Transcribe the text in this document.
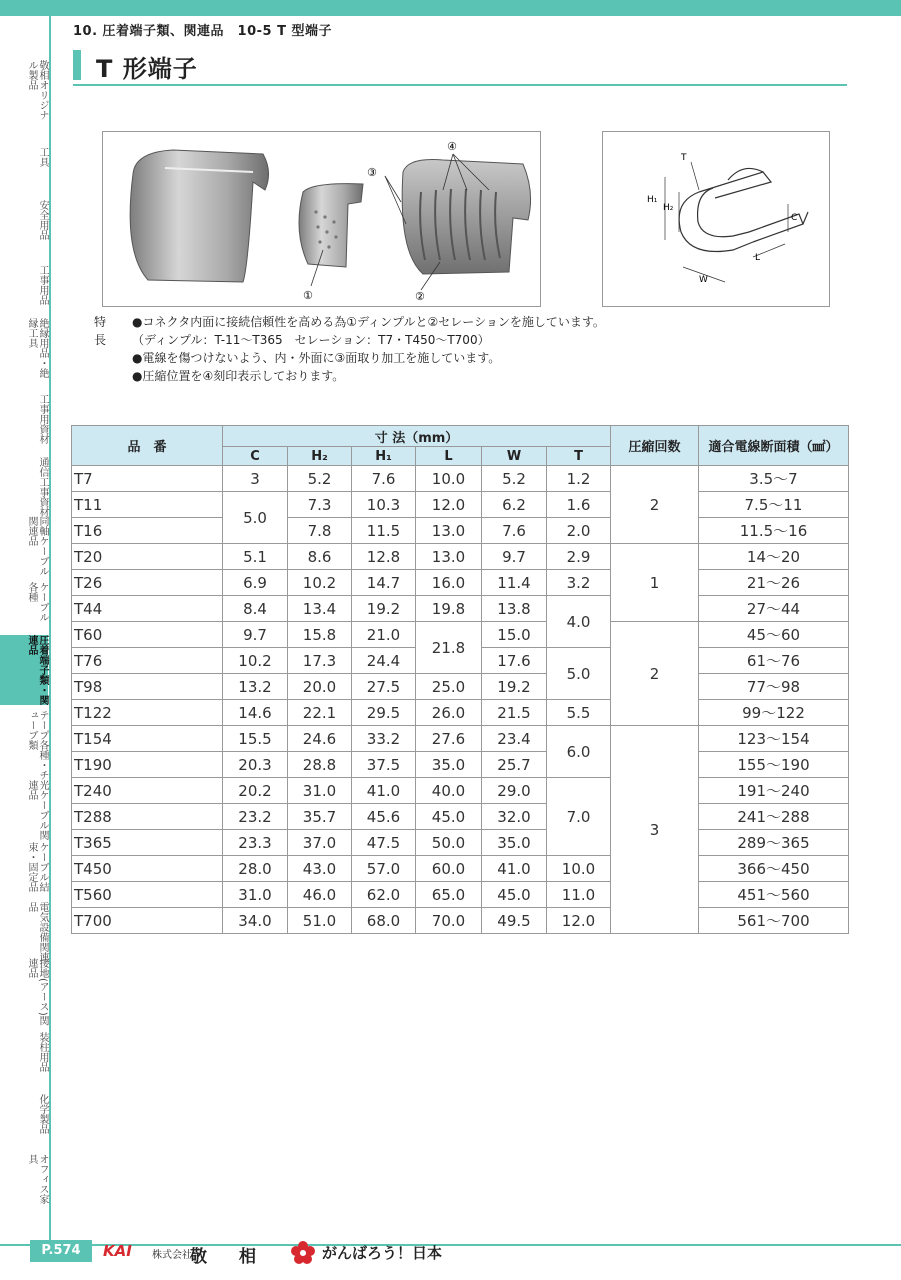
10. 圧着端子類、関連品　10-5 T 型端子
T 形端子
敬相オリジナル製品
工具
安全用品
工事用品
絶縁用品・絶縁工具
工事用資材
通信工事資材
同軸ケーブル関連品
ケーブル各種
圧着端子類・関連品
テープ各種・チューブ類
光ケーブル関連品
ケーブル結束・固定品
電気設備関連品
接地(アース)関連品
装柱用品
化学製品
オフィス家具
③
④
①	②
T
H₁
H₂
C
L
W
特長
●コネクタ内面に接続信頼性を高める為①ディンプルと②セレーションを施しています。
（ディンプル：T-11～T365　セレーション：T7・T450～T700）
●電線を傷つけないよう、内・外面に③面取り加工を施しています。
●圧縮位置を④刻印表示しております。
品　番	寸 法（mm）						圧縮回数	適合電線断面積（㎟）
	C	H₂	H₁	L	W	T		
T7	3	5.2	7.6	10.0	5.2	1.2	2	3.5～7
T11	5.0	7.3	10.3	12.0	6.2	1.6		7.5～11
T16		7.8	11.5	13.0	7.6	2.0		11.5～16
T20	5.1	8.6	12.8	13.0	9.7	2.9	1	14～20
T26	6.9	10.2	14.7	16.0	11.4	3.2		21～26
T44	8.4	13.4	19.2	19.8	13.8	4.0		27～44
T60	9.7	15.8	21.0	21.8	15.0		2	45～60
T76	10.2	17.3	24.4		17.6	5.0		61～76
T98	13.2	20.0	27.5	25.0	19.2			77～98
T122	14.6	22.1	29.5	26.0	21.5	5.5		99～122
T154	15.5	24.6	33.2	27.6	23.4	6.0	3	123～154
T190	20.3	28.8	37.5	35.0	25.7			155～190
T240	20.2	31.0	41.0	40.0	29.0	7.0		191～240
T288	23.2	35.7	45.6	45.0	32.0			241～288
T365	23.3	37.0	47.5	50.0	35.0			289～365
T450	28.0	43.0	57.0	60.0	41.0	10.0		366～450
T560	31.0	46.0	62.0	65.0	45.0	11.0		451～560
T700	34.0	51.0	68.0	70.0	49.5	12.0		561～700
P.574	KAI 株式会社
敬相 がんばろう！日本
